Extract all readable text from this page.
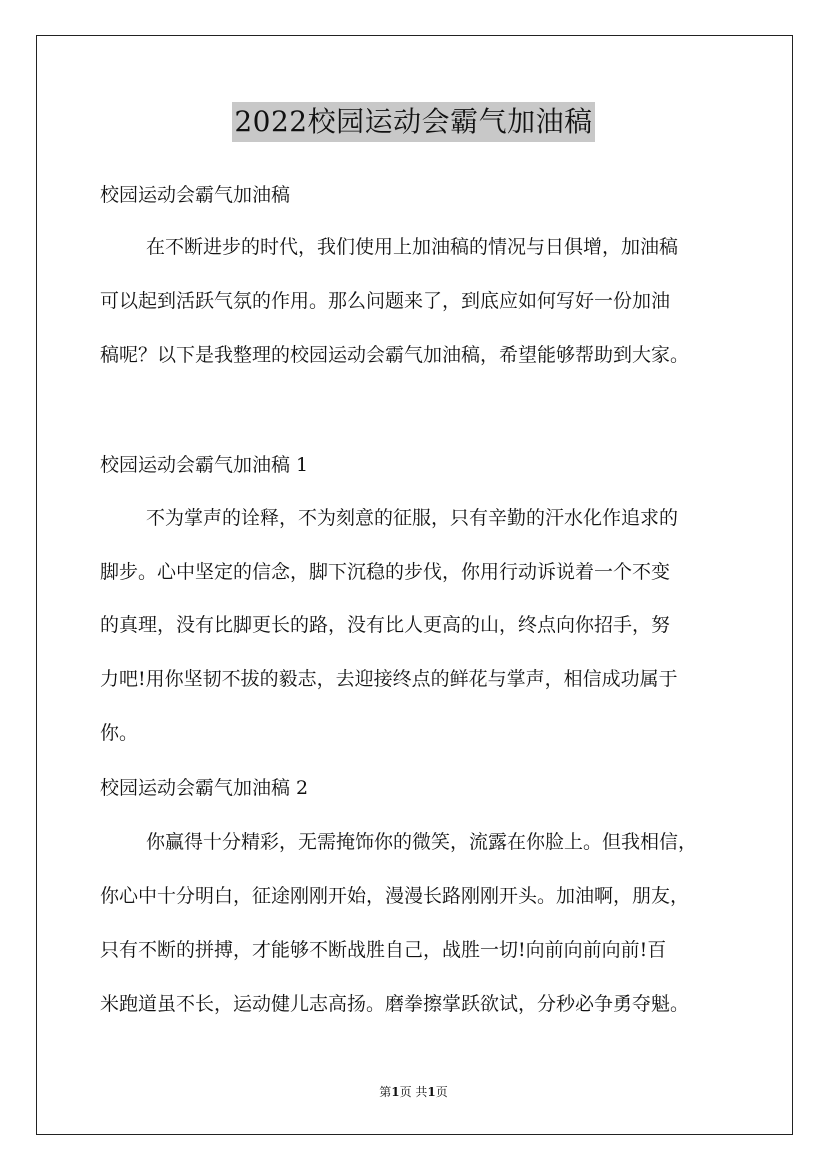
2022校园运动会霸气加油稿
校园运动会霸气加油稿
在不断进步的时代，我们使用上加油稿的情况与日俱增，加油稿
可以起到活跃气氛的作用。那么问题来了，到底应如何写好一份加油
稿呢？以下是我整理的校园运动会霸气加油稿，希望能够帮助到大家。
校园运动会霸气加油稿 1
不为掌声的诠释，不为刻意的征服，只有辛勤的汗水化作追求的
脚步。心中坚定的信念，脚下沉稳的步伐，你用行动诉说着一个不变
的真理，没有比脚更长的路，没有比人更高的山，终点向你招手，努
力吧!用你坚韧不拔的毅志，去迎接终点的鲜花与掌声，相信成功属于
你。
校园运动会霸气加油稿 2
你赢得十分精彩，无需掩饰你的微笑，流露在你脸上。但我相信，
你心中十分明白，征途刚刚开始，漫漫长路刚刚开头。加油啊，朋友，
只有不断的拼搏，才能够不断战胜自己，战胜一切!向前向前向前!百
米跑道虽不长，运动健儿志高扬。磨拳擦掌跃欲试，分秒必争勇夺魁。
第1页 共1页
